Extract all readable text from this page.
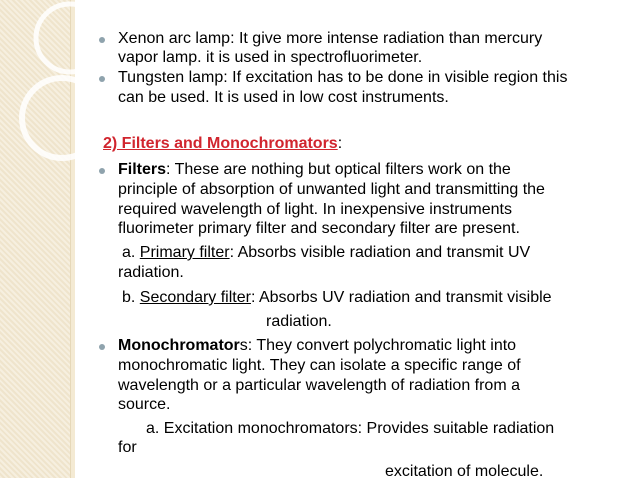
Xenon arc lamp: It give more intense radiation than mercury

vapor lamp. it is used in spectrofluorimeter.

Tungsten lamp: If excitation has to be done in visible region this

can be used. It is used in low cost instruments.

2) Filters and Monochromators:

Filters: These are nothing but optical filters work on the

principle of absorption of unwanted light and transmitting the

required wavelength of light. In inexpensive instruments

fluorimeter primary filter and secondary filter are present.

a. Primary filter: Absorbs visible radiation and transmit UV

radiation.

b. Secondary filter: Absorbs UV radiation and transmit visible

radiation.

Monochromators: They convert polychromatic light into

monochromatic light. They can isolate a specific range of

wavelength or a particular wavelength of radiation from a

source.

a. Excitation monochromators: Provides suitable radiation

for

excitation of molecule.
